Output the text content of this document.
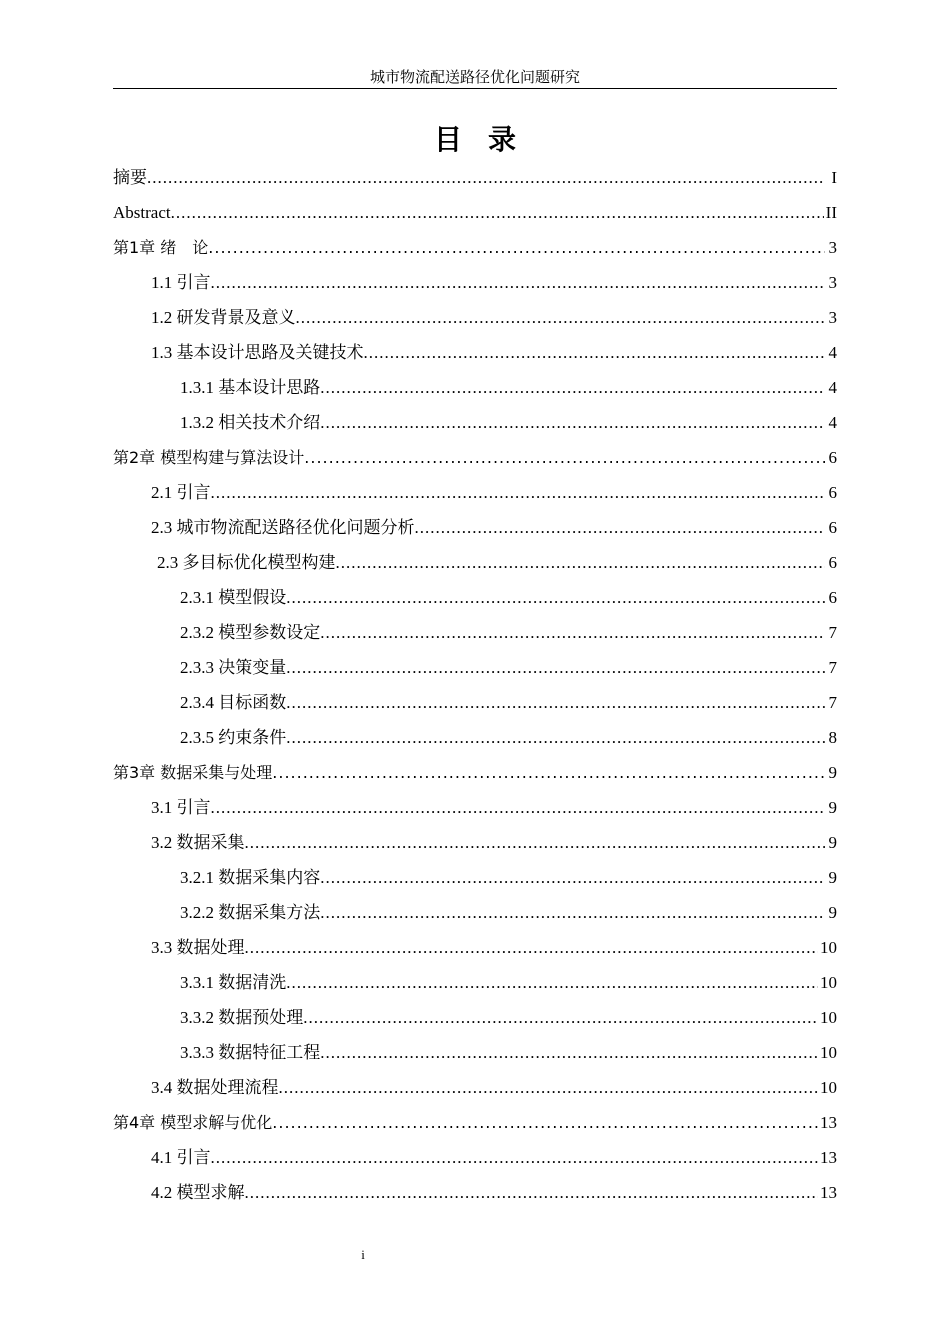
城市物流配送路径优化问题研究
目 录
摘要 .....	I
Abstract .....	II
第1章 绪　论 .....	3
1.1 引言 .....	3
1.2 研发背景及意义 .....	3
1.3 基本设计思路及关键技术 .....	4
1.3.1 基本设计思路 .....	4
1.3.2 相关技术介绍 .....	4
第2章 模型构建与算法设计 .....	6
2.1 引言 .....	6
2.3 城市物流配送路径优化问题分析 .....	6
2.3 多目标优化模型构建 .....	6
2.3.1 模型假设 .....	6
2.3.2 模型参数设定 .....	7
2.3.3 决策变量 .....	7
2.3.4 目标函数 .....	7
2.3.5 约束条件 .....	8
第3章 数据采集与处理 .....	9
3.1 引言 .....	9
3.2 数据采集 .....	9
3.2.1 数据采集内容 .....	9
3.2.2 数据采集方法 .....	9
3.3 数据处理 .....	10
3.3.1 数据清洗 .....	10
3.3.2 数据预处理 .....	10
3.3.3 数据特征工程 .....	10
3.4 数据处理流程 .....	10
第4章 模型求解与优化 .....	13
4.1 引言 .....	13
4.2 模型求解 .....	13
i
